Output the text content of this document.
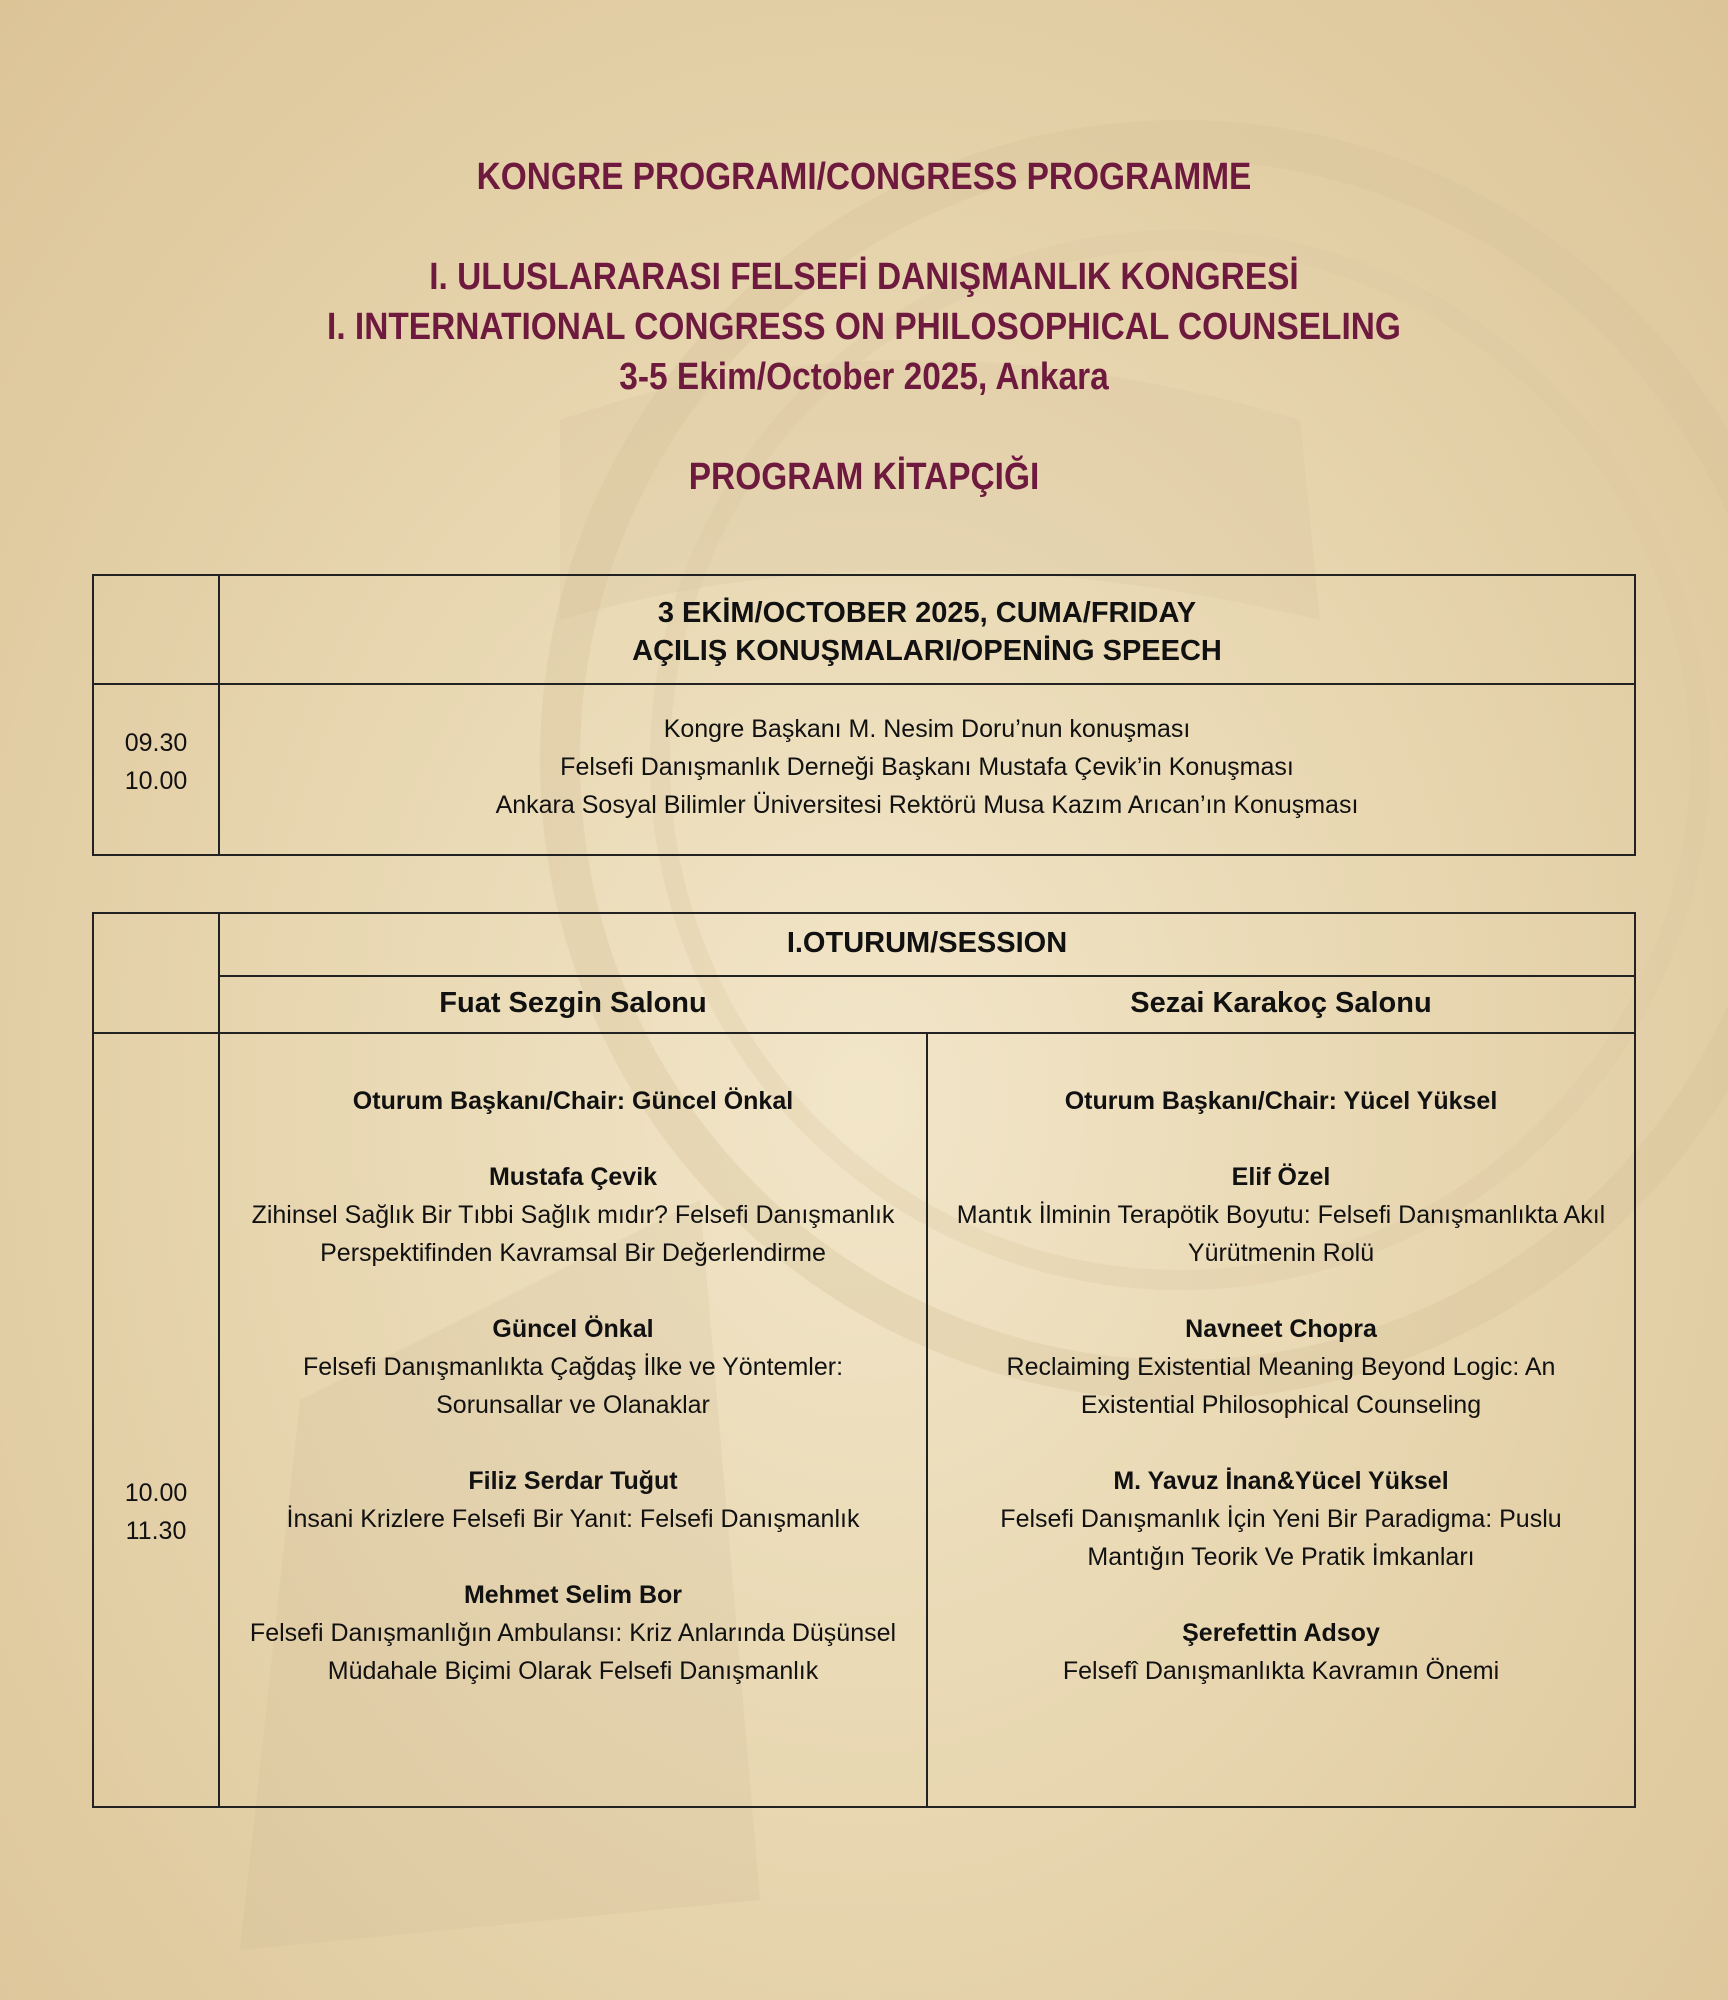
KONGRE PROGRAMI/CONGRESS PROGRAMME
I. ULUSLARARASI FELSEFİ DANIŞMANLIK KONGRESİ
I. INTERNATIONAL CONGRESS ON PHILOSOPHICAL COUNSELING
3-5 Ekim/October 2025, Ankara
PROGRAM KİTAPÇIĞI
3 EKİM/OCTOBER 2025, CUMA/FRIDAY
AÇILIŞ KONUŞMALARI/OPENİNG SPEECH
09.30
10.00
Kongre Başkanı M. Nesim Doru’nun konuşması
Felsefi Danışmanlık Derneği Başkanı Mustafa Çevik’in Konuşması
Ankara Sosyal Bilimler Üniversitesi Rektörü Musa Kazım Arıcan’ın Konuşması
I.OTURUM/SESSION
Fuat Sezgin Salonu	Sezai Karakoç Salonu
10.00
11.30
Oturum Başkanı/Chair: Güncel Önkal
Mustafa Çevik
Zihinsel Sağlık Bir Tıbbi Sağlık mıdır? Felsefi Danışmanlık
Perspektifinden Kavramsal Bir Değerlendirme
Güncel Önkal
Felsefi Danışmanlıkta Çağdaş İlke ve Yöntemler:
Sorunsallar ve Olanaklar
Filiz Serdar Tuğut
İnsani Krizlere Felsefi Bir Yanıt: Felsefi Danışmanlık
Mehmet Selim Bor
Felsefi Danışmanlığın Ambulansı: Kriz Anlarında Düşünsel
Müdahale Biçimi Olarak Felsefi Danışmanlık
Oturum Başkanı/Chair: Yücel Yüksel
Elif Özel
Mantık İlminin Terapötik Boyutu: Felsefi Danışmanlıkta Akıl
Yürütmenin Rolü
Navneet Chopra
Reclaiming Existential Meaning Beyond Logic: An
Existential Philosophical Counseling
M. Yavuz İnan&Yücel Yüksel
Felsefi Danışmanlık İçin Yeni Bir Paradigma: Puslu
Mantığın Teorik Ve Pratik İmkanları
Şerefettin Adsoy
Felsefî Danışmanlıkta Kavramın Önemi
